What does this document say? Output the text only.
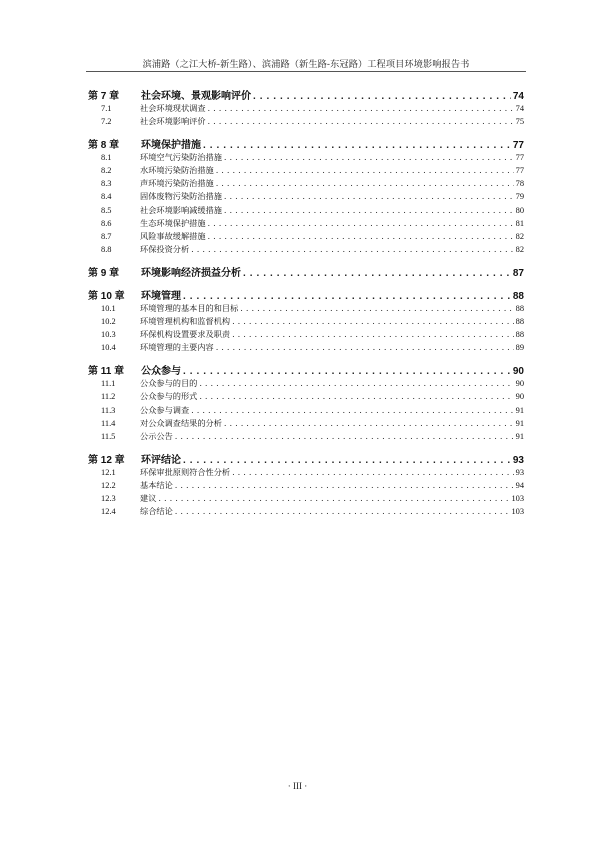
滨浦路（之江大桥-新生路）、滨浦路（新生路-东冠路）工程项目环境影响报告书
第 7 章	社会环境、景观影响评价 . . .	74
7.1	社会环境现状调查 . . .	74
7.2	社会环境影响评价 . . .	75
第 8 章	环境保护措施 . . .	77
8.1	环境空气污染防治措施 . . .	77
8.2	水环境污染防治措施 . . .	77
8.3	声环境污染防治措施 . . .	78
8.4	固体废物污染防治措施 . . .	79
8.5	社会环境影响减缓措施 . . .	80
8.6	生态环境保护措施 . . .	81
8.7	风险事故缓解措施 . . .	82
8.8	环保投资分析 . . .	82
第 9 章	环境影响经济损益分析 . . .	87
第 10 章	环境管理 . . .	88
10.1	环境管理的基本目的和目标 . . .	88
10.2	环境管理机构和监督机构 . . .	88
10.3	环保机构设置要求及职责 . . .	88
10.4	环境管理的主要内容 . . .	89
第 11 章	公众参与 . . .	90
11.1	公众参与的目的 . . .	90
11.2	公众参与的形式 . . .	90
11.3	公众参与调查 . . .	91
11.4	对公众调查结果的分析 . . .	91
11.5	公示公告 . . .	91
第 12 章	环评结论 . . .	93
12.1	环保审批原则符合性分析 . . .	93
12.2	基本结论 . . .	94
12.3	建议 . . .	103
12.4	综合结论 . . .	103
· III ·
